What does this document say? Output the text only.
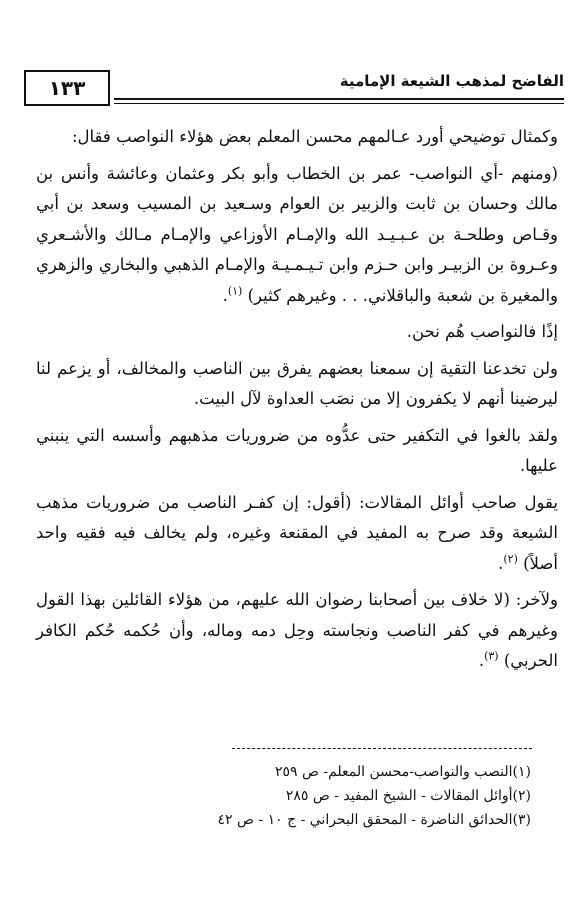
١٣٣	الفاضح لمذهب الشيعة الإمامية

وكمثال توضيحي أورد عـالمهم محسن المعلم بعض هؤلاء النواصب فقال:

(ومنهم -أي النواصب- عمر بن الخطاب وأبو بكر وعثمان وعائشة وأنس بن مالك وحسان بن ثابت والزبير بن العوام وسـعيد بن المسيب وسعد بن أبي وقـاص وطلحـة بن عـبـيـد الله والإمـام الأوزاعي والإمـام مـالك والأشـعري وعـروة بن الزبيـر وابن حـزم وابن تـيـمـيـة والإمـام الذهبي والبخاري والزهري والمغيرة بن شعبة والباقلاني. . . وغيرهم كثير) $^{(١)}$.

إذًا فالنواصب هُم نحن.

ولن تخدعنا التقية إن سمعنا بعضهم يفرق بين الناصب والمخالف، أو يزعم لنا ليرضينا أنهم لا يكفرون إلا من نصَب العداوة لآل البيت.

ولقد بالغوا في التكفير حتى عدُّوه من ضروريات مذهبهم وأسسه التي ينبني عليها.

يقول صاحب أوائل المقالات: (أقول: إن كفـر الناصب من ضروريات مذهب الشيعة وقد صرح به المفيد في المقنعة وغيره، ولم يخالف فيه فقيه واحد أصلاً) $^{(٢)}$.

ولآخر: (لا خلاف بين أصحابنا رضوان الله عليهم، من هؤلاء القائلين بهذا القول وغيرهم في كفر الناصب ونجاسته وحِل دمه وماله، وأن حُكمه حُكم الكافر الحربي) $^{(٣)}$.

(١)النصب والنواصب-محسن المعلم- ص ٢٥٩
(٢)أوائل المقالات - الشيخ المفيد - ص ٢٨٥
(٣)الحدائق الناضرة - المحقق البحراني - ج ١٠ - ص ٤٢
